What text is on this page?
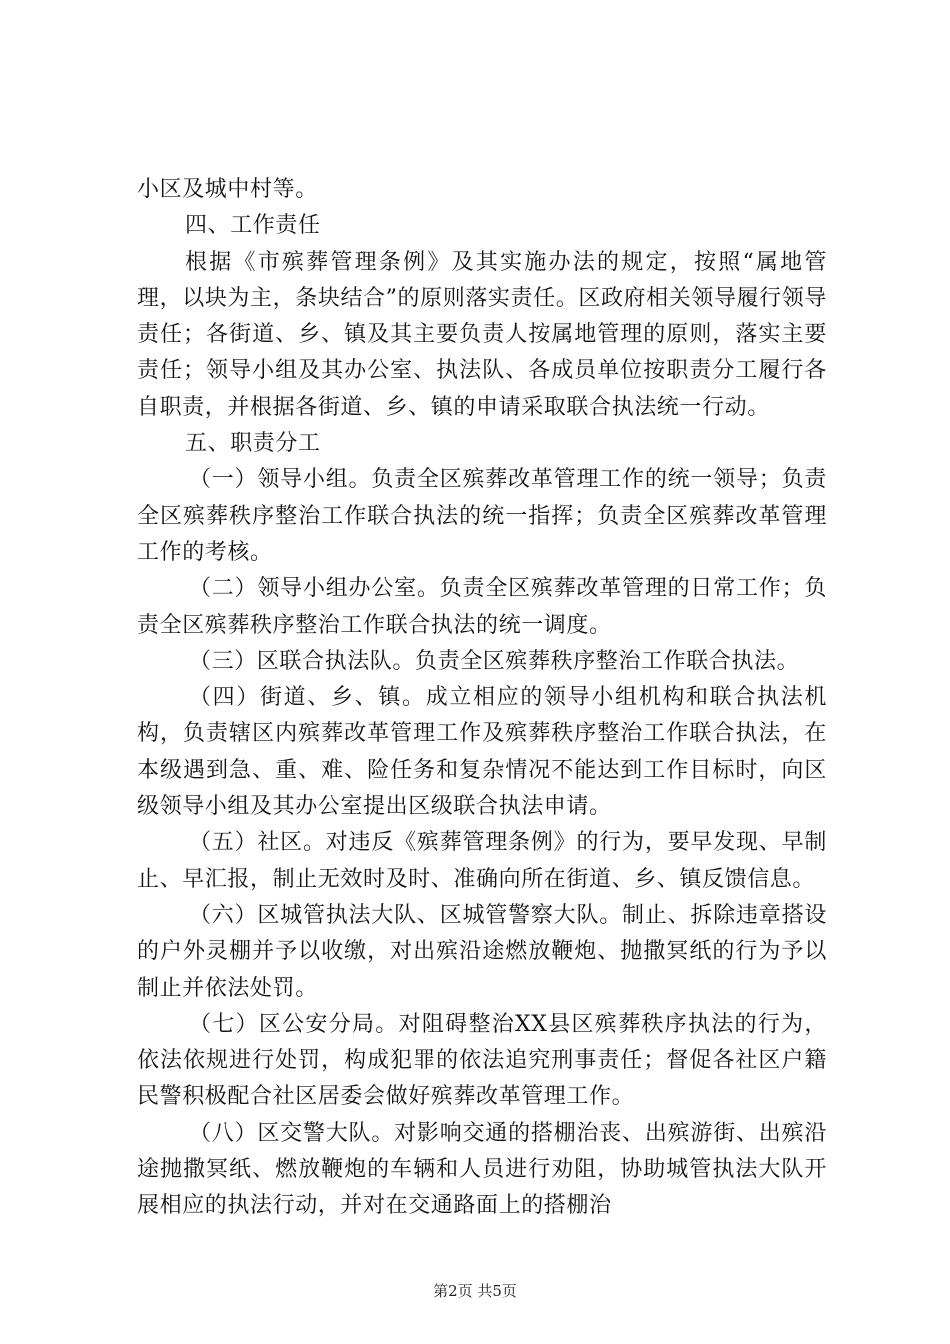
小区及城中村等。

四、工作责任

根据《市殡葬管理条例》及其实施办法的规定，按照“属地管理，以块为主，条块结合”的原则落实责任。区政府相关领导履行领导责任；各街道、乡、镇及其主要负责人按属地管理的原则，落实主要责任；领导小组及其办公室、执法队、各成员单位按职责分工履行各自职责，并根据各街道、乡、镇的申请采取联合执法统一行动。

五、职责分工

（一）领导小组。负责全区殡葬改革管理工作的统一领导；负责全区殡葬秩序整治工作联合执法的统一指挥；负责全区殡葬改革管理工作的考核。

（二）领导小组办公室。负责全区殡葬改革管理的日常工作；负责全区殡葬秩序整治工作联合执法的统一调度。

（三）区联合执法队。负责全区殡葬秩序整治工作联合执法。

（四）街道、乡、镇。成立相应的领导小组机构和联合执法机构，负责辖区内殡葬改革管理工作及殡葬秩序整治工作联合执法，在本级遇到急、重、难、险任务和复杂情况不能达到工作目标时，向区级领导小组及其办公室提出区级联合执法申请。

（五）社区。对违反《殡葬管理条例》的行为，要早发现、早制止、早汇报，制止无效时及时、准确向所在街道、乡、镇反馈信息。

（六）区城管执法大队、区城管警察大队。制止、拆除违章搭设的户外灵棚并予以收缴，对出殡沿途燃放鞭炮、抛撒冥纸的行为予以制止并依法处罚。

（七）区公安分局。对阻碍整治XX县区殡葬秩序执法的行为，依法依规进行处罚，构成犯罪的依法追究刑事责任；督促各社区户籍民警积极配合社区居委会做好殡葬改革管理工作。

（八）区交警大队。对影响交通的搭棚治丧、出殡游街、出殡沿途抛撒冥纸、燃放鞭炮的车辆和人员进行劝阻，协助城管执法大队开展相应的执法行动，并对在交通路面上的搭棚治

第2页 共5页
